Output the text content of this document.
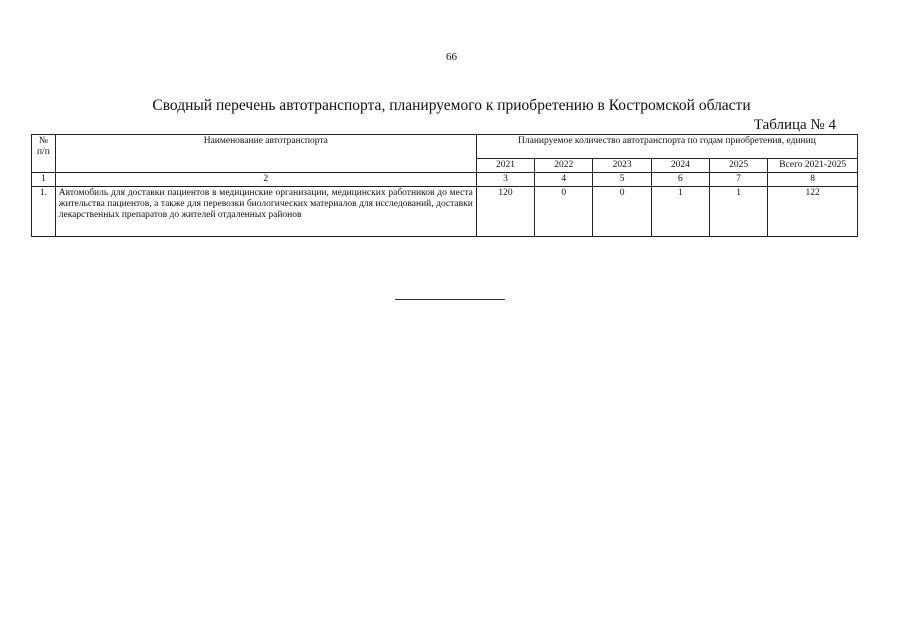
66
Сводный перечень автотранспорта, планируемого к приобретению в Костромской области
Таблица № 4
№ п/п	Наименование автотранспорта	Планируемое количество автотранспорта по годам приобретения, единиц					
		2021	2022	2023	2024	2025	Всего 2021-2025
1	2	3	4	5	6	7	8
1.	Автомобиль для доставки пациентов в медицинские организации, медицинских работников до места жительства пациентов, а также для перевозки биологических материалов для исследований, доставки лекарственных препаратов до жителей отдаленных районов	120	0	0	1	1	122
